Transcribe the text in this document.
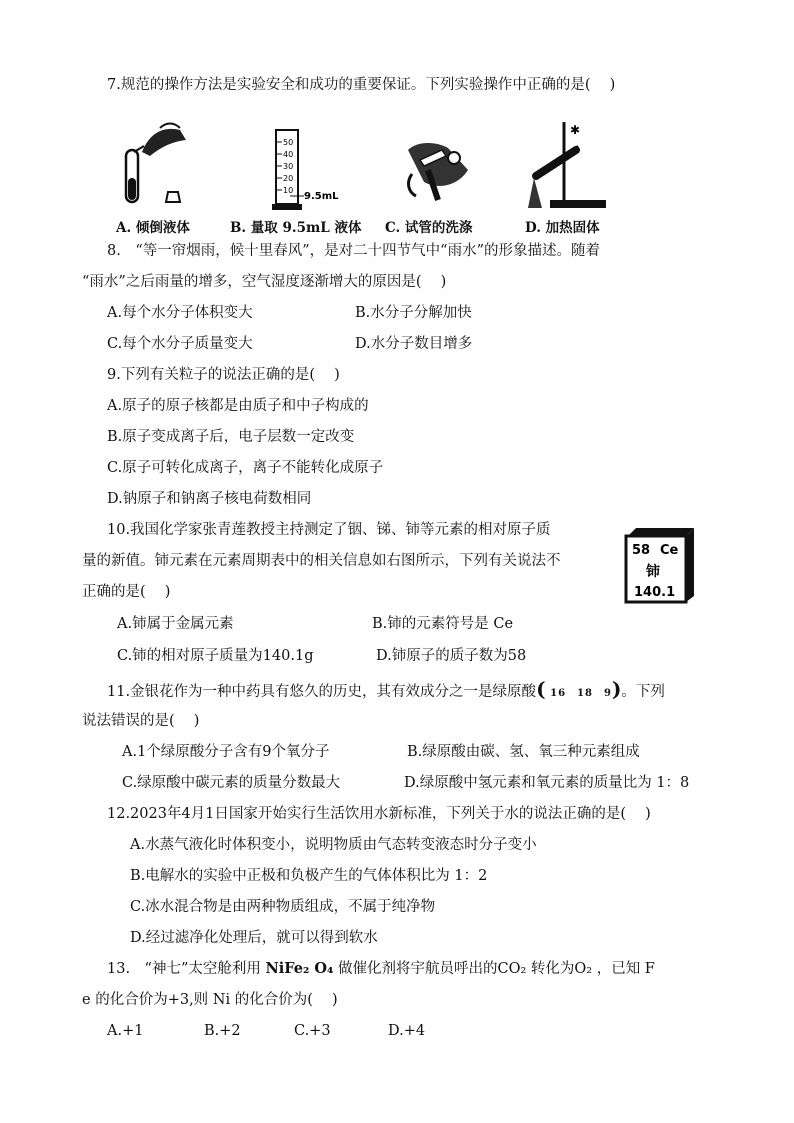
7.规范的操作方法是实验安全和成功的重要保证。下列实验操作中正确的是(　 )
A. 倾倒液体
50
40
30
20
10
9.5mL
B. 量取 9.5mL 液体 C. 试管的洗涤
✱
D. 加热固体
8.　“等一帘烟雨，候十里春风”，是对二十四节气中“雨水”的形象描述。随着
“雨水”之后雨量的增多，空气湿度逐渐增大的原因是(　 )
A.每个水分子体积变大	B.水分子分解加快
C.每个水分子质量变大	D.水分子数目增多
9.下列有关粒子的说法正确的是(　 )
A.原子的原子核都是由质子和中子构成的
B.原子变成离子后，电子层数一定改变
C.原子可转化成离子，离子不能转化成原子
D.钠原子和钠离子核电荷数相同
10.我国化学家张青莲教授主持测定了铟、锑、铈等元素的相对原子质
量的新值。铈元素在元素周期表中的相关信息如右图所示，下列有关说法不
正确的是(　 )
58 Ce
铈
140.1
A.铈属于金属元素	B.铈的元素符号是 Ce
C.铈的相对原子质量为140.1g	D.铈原子的质子数为58
11.金银花作为一种中药具有悠久的历史，其有效成分之一是绿原酸( 16　18　9)。下列
说法错误的是(　 )
A.1个绿原酸分子含有9个氧分子	B.绿原酸由碳、氢、氧三种元素组成
C.绿原酸中碳元素的质量分数最大	D.绿原酸中氢元素和氧元素的质量比为 1：8
12.2023年4月1日国家开始实行生活饮用水新标准，下列关于水的说法正确的是(　 )
A.水蒸气液化时体积变小，说明物质由气态转变液态时分子变小
B.电解水的实验中正极和负极产生的气体体积比为 1：2
C.冰水混合物是由两种物质组成，不属于纯净物
D.经过滤净化处理后，就可以得到软水
13.　“神七”太空舱利用 NiFe₂ O₄ 做催化剂将宇航员呼出的CO₂ 转化为O₂ ，已知 F
e 的化合价为+3,则 Ni 的化合价为(　 )
A.+1	B.+2	C.+3	D.+4
